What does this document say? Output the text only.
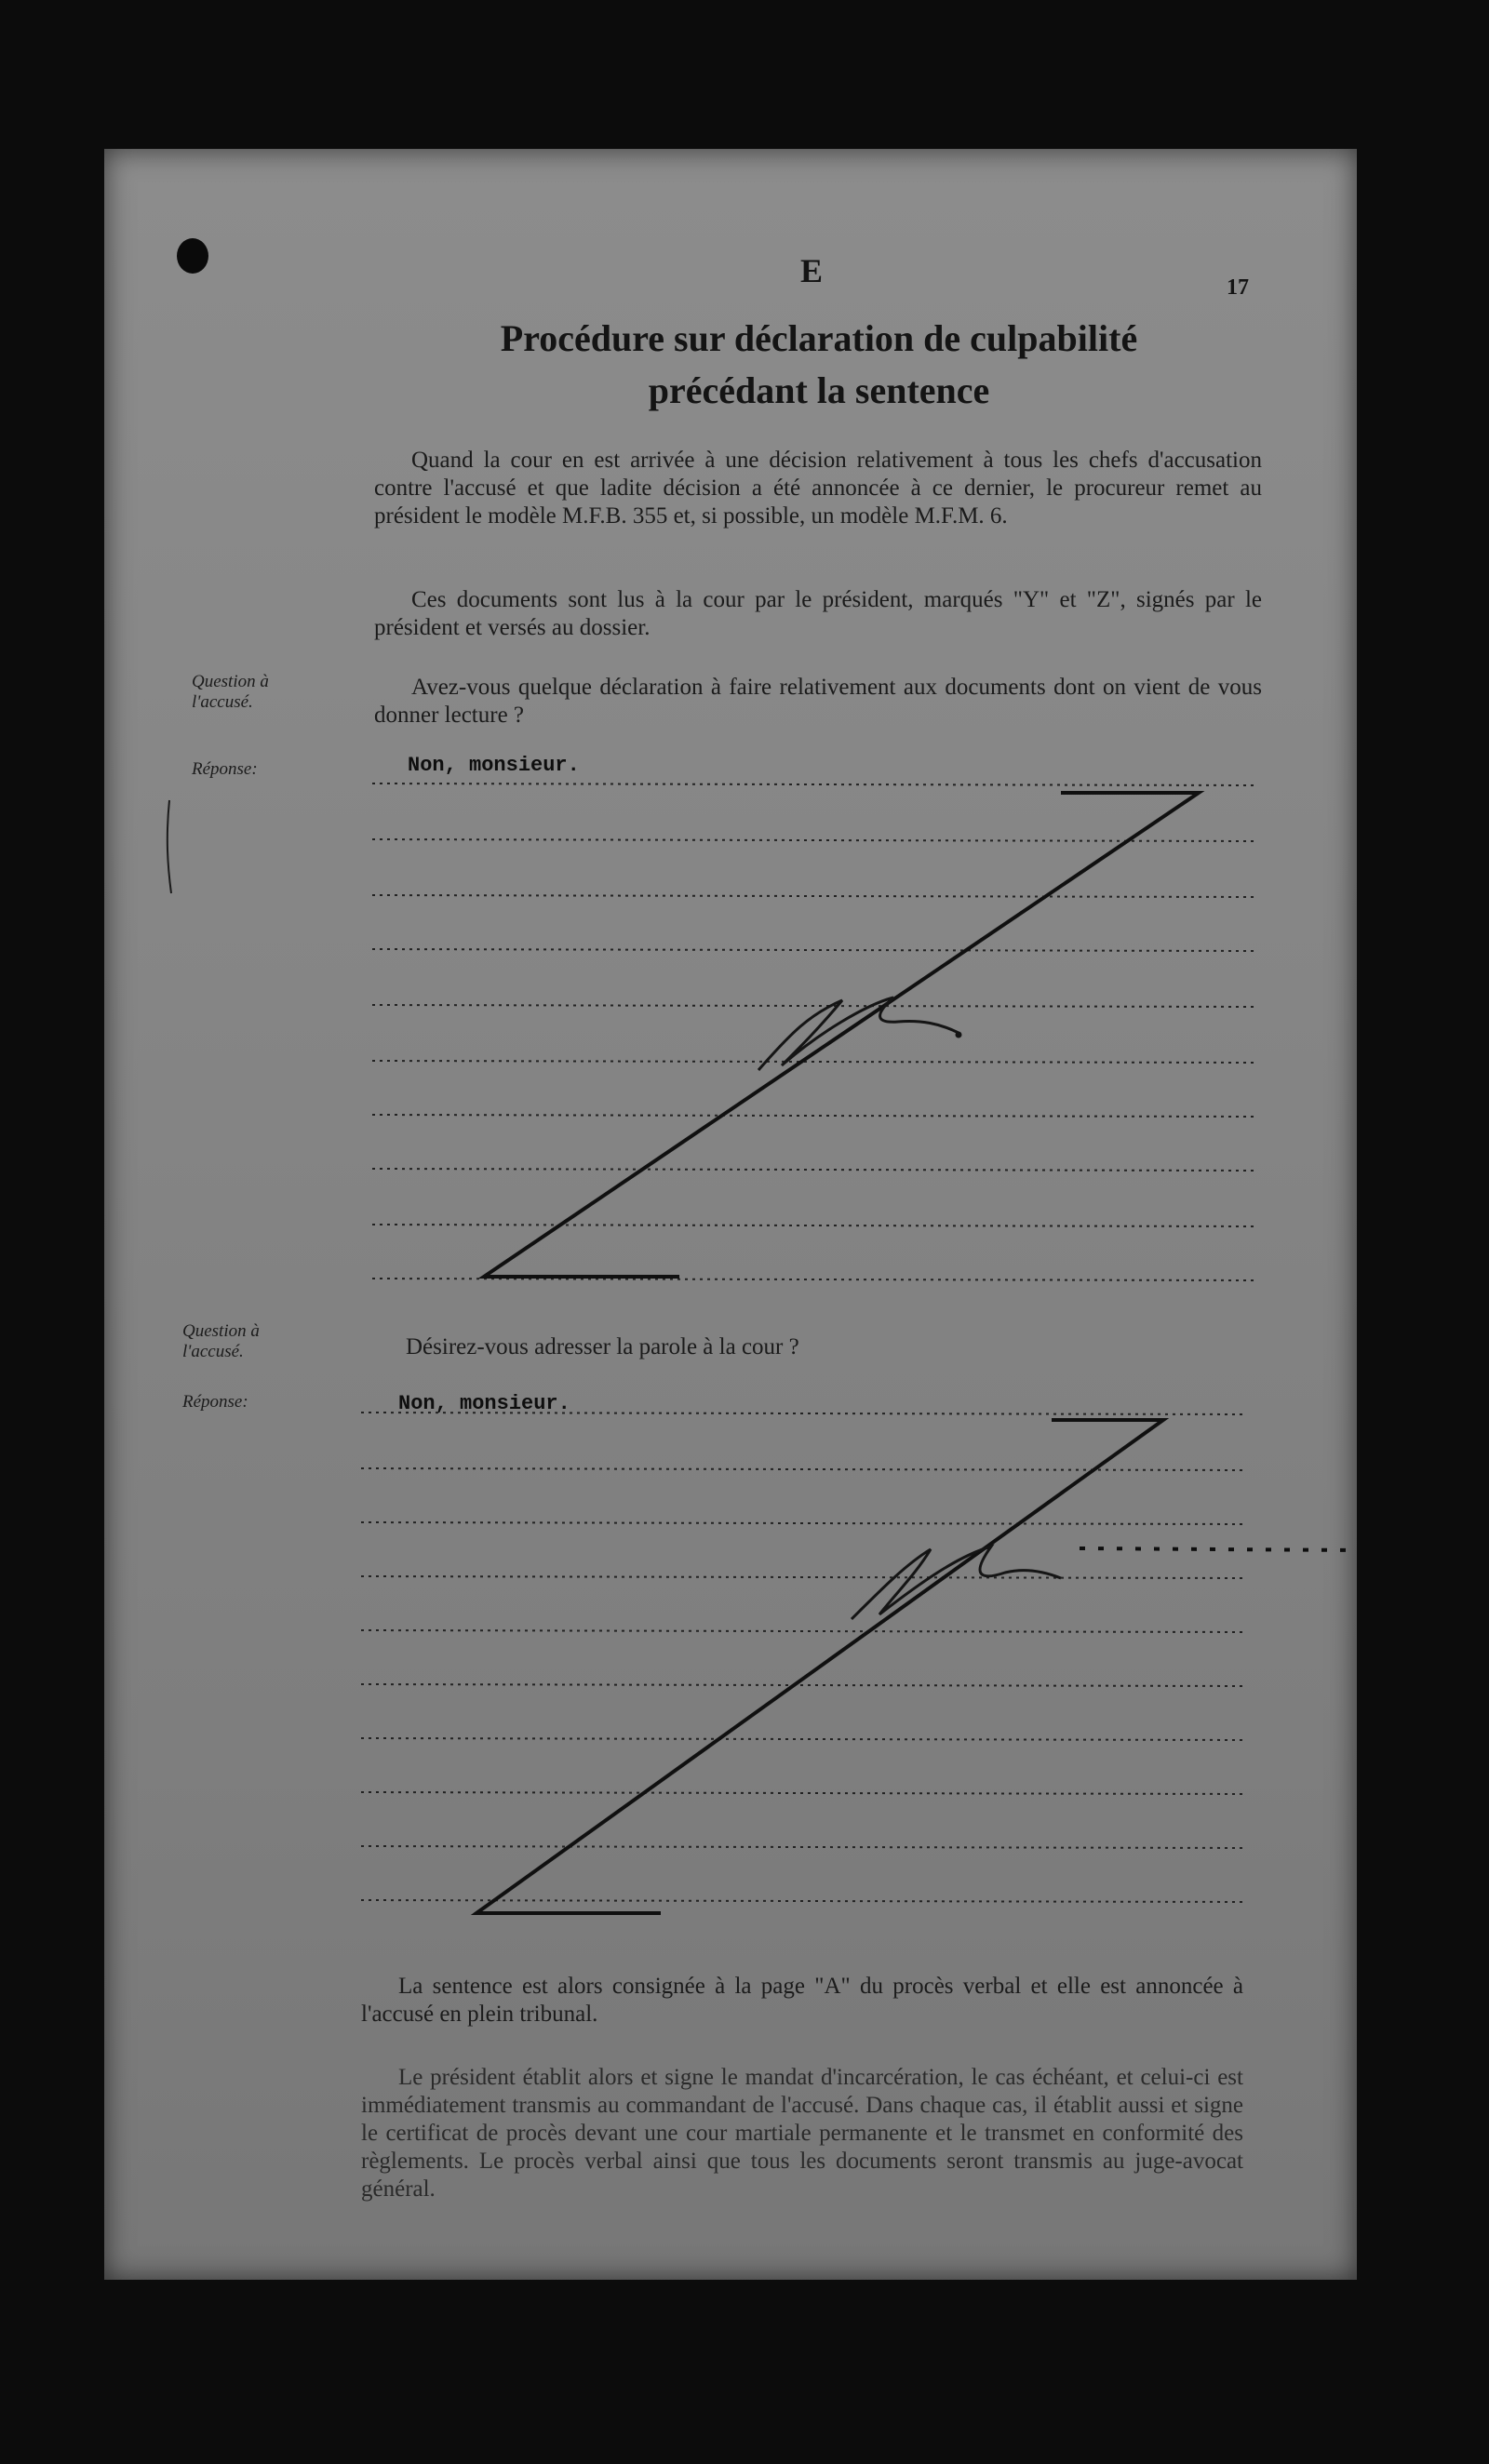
E	17
Procédure sur déclaration de culpabilité
précédant la sentence
Quand la cour en est arrivée à une décision relativement à tous les chefs d'accusation contre l'accusé et que ladite décision a été annoncée à ce dernier, le procureur remet au président le modèle M.F.B. 355 et, si possible, un modèle M.F.M. 6.
Ces documents sont lus à la cour par le président, marqués "Y" et "Z", signés par le président et versés au dossier.
Question à l'accusé.
Avez-vous quelque déclaration à faire relativement aux documents dont on vient de vous donner lecture ?
Réponse:	Non, monsieur.
Question à l'accusé.	Désirez-vous adresser la parole à la cour ?
Réponse:	Non, monsieur.
La sentence est alors consignée à la page "A" du procès verbal et elle est annoncée à l'accusé en plein tribunal.
Le président établit alors et signe le mandat d'incarcération, le cas échéant, et celui-ci est immédiatement transmis au commandant de l'accusé. Dans chaque cas, il établit aussi et signe le certificat de procès devant une cour martiale permanente et le transmet en conformité des règlements. Le procès verbal ainsi que tous les documents seront transmis au juge-avocat général.
